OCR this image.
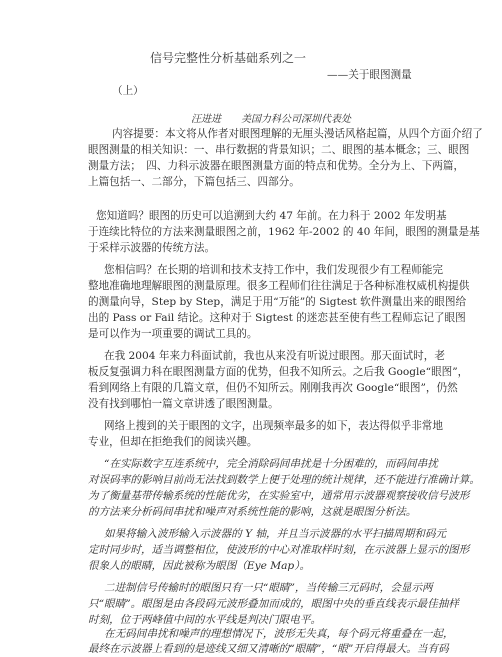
信号完整性分析基础系列之一
——关于眼图测量
（上）
汪进进　　美国力科公司深圳代表处
内容提要：本文将从作者对眼图理解的无厘头漫话风格起篇，从四个方面介绍了
眼图测量的相关知识：一、串行数据的背景知识；二、眼图的基本概念；三、眼图
测量方法；　四、力科示波器在眼图测量方面的特点和优势。全分为上、下两篇，
上篇包括一、二部分，下篇包括三、四部分。
您知道吗？眼图的历史可以追溯到大约 47 年前。在力科于 2002 年发明基
于连续比特位的方法来测量眼图之前，1962 年-2002 的 40 年间，眼图的测量是基
于采样示波器的传统方法。
您相信吗？在长期的培训和技术支持工作中，我们发现很少有工程师能完
整地准确地理解眼图的测量原理。很多工程师们往往满足于各种标准权威机构提供
的测量向导，Step by Step，满足于用“万能”的 Sigtest 软件测量出来的眼图给
出的 Pass or Fail 结论。这种对于 Sigtest 的迷恋甚至使有些工程师忘记了眼图
是可以作为一项重要的调试工具的。
在我 2004 年来力科面试前，我也从来没有听说过眼图。那天面试时，老
板反复强调力科在眼图测量方面的优势，但我不知所云。之后我 Google“眼图”，
看到网络上有限的几篇文章，但仍不知所云。刚刚我再次 Google“眼图”，仍然
没有找到哪怕一篇文章讲透了眼图测量。
网络上搜到的关于眼图的文字，出现频率最多的如下，表达得似乎非常地
专业，但却在拒绝我们的阅读兴趣。
“在实际数字互连系统中，完全消除码间串扰是十分困难的，而码间串扰
对误码率的影响目前尚无法找到数学上便于处理的统计规律，还不能进行准确计算。
为了衡量基带传输系统的性能优劣，在实验室中，通常用示波器观察接收信号波形
的方法来分析码间串扰和噪声对系统性能的影响，这就是眼图分析法。
如果将输入波形输入示波器的 Y 轴，并且当示波器的水平扫描周期和码元
定时同步时，适当调整相位，使波形的中心对准取样时刻，在示波器上显示的图形
很象人的眼睛，因此被称为眼图（Eye Map）。
二进制信号传输时的眼图只有一只“眼睛”，当传输三元码时，会显示两
只“眼睛”。眼图是由各段码元波形叠加而成的，眼图中央的垂直线表示最佳抽样
时刻，位于两峰值中间的水平线是判决门限电平。
在无码间串扰和噪声的理想情况下，波形无失真，每个码元将重叠在一起，
最终在示波器上看到的是迹线又细又清晰的“眼睛”，“眼”开启得最大。当有码
